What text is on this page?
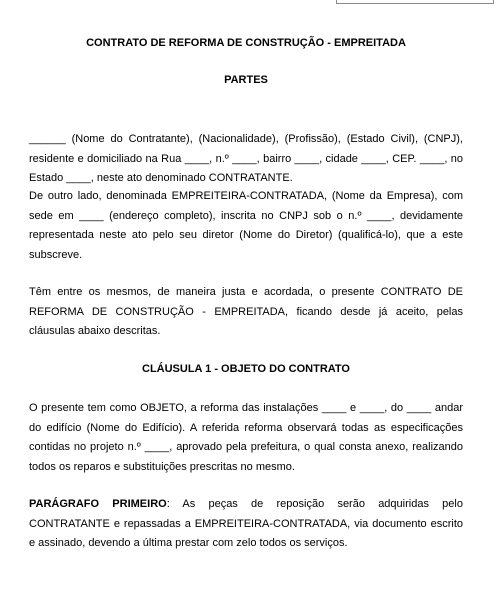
CONTRATO DE REFORMA DE CONSTRUÇÃO - EMPREITADA
PARTES
______ (Nome do Contratante), (Nacionalidade), (Profissão), (Estado Civil), (CNPJ), residente e domiciliado na Rua ____, n.º ____, bairro ____, cidade ____, CEP. ____, no Estado ____, neste ato denominado CONTRATANTE.
De outro lado, denominada EMPREITEIRA-CONTRATADA, (Nome da Empresa), com sede em ____ (endereço completo), inscrita no CNPJ sob o n.º ____, devidamente representada neste ato pelo seu diretor (Nome do Diretor) (qualificá-lo), que a este subscreve.
Têm entre os mesmos, de maneira justa e acordada, o presente CONTRATO DE REFORMA DE CONSTRUÇÃO - EMPREITADA, ficando desde já aceito, pelas cláusulas abaixo descritas.
CLÁUSULA 1 - OBJETO DO CONTRATO
O presente tem como OBJETO, a reforma das instalações ____ e ____, do ____ andar do edifício (Nome do Edifício). A referida reforma observará todas as especificações contidas no projeto n.º ____, aprovado pela prefeitura, o qual consta anexo, realizando todos os reparos e substituições prescritas no mesmo.
PARÁGRAFO PRIMEIRO: As peças de reposição serão adquiridas pelo CONTRATANTE e repassadas a EMPREITEIRA-CONTRATADA, via documento escrito e assinado, devendo a última prestar com zelo todos os serviços.
